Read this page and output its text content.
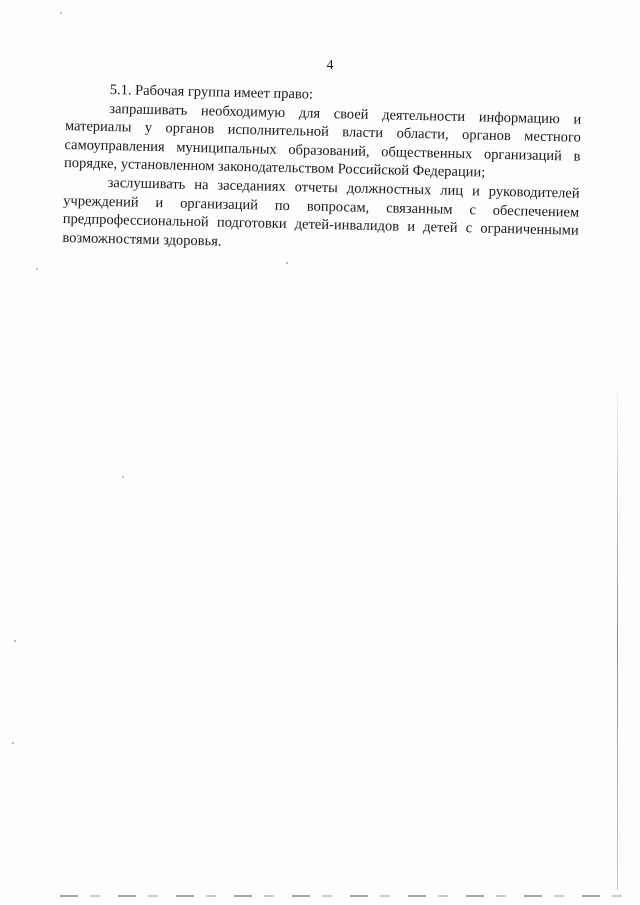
4

5.1. Рабочая группа имеет право:

запрашивать необходимую для своей деятельности информацию и материалы у органов исполнительной власти области, органов местного самоуправления муниципальных образований, общественных организаций в порядке, установленном законодательством Российской Федерации;

заслушивать на заседаниях отчеты должностных лиц и руководителей учреждений и организаций по вопросам, связанным с обеспечением предпрофессиональной подготовки детей-инвалидов и детей с ограниченными возможностями здоровья.
